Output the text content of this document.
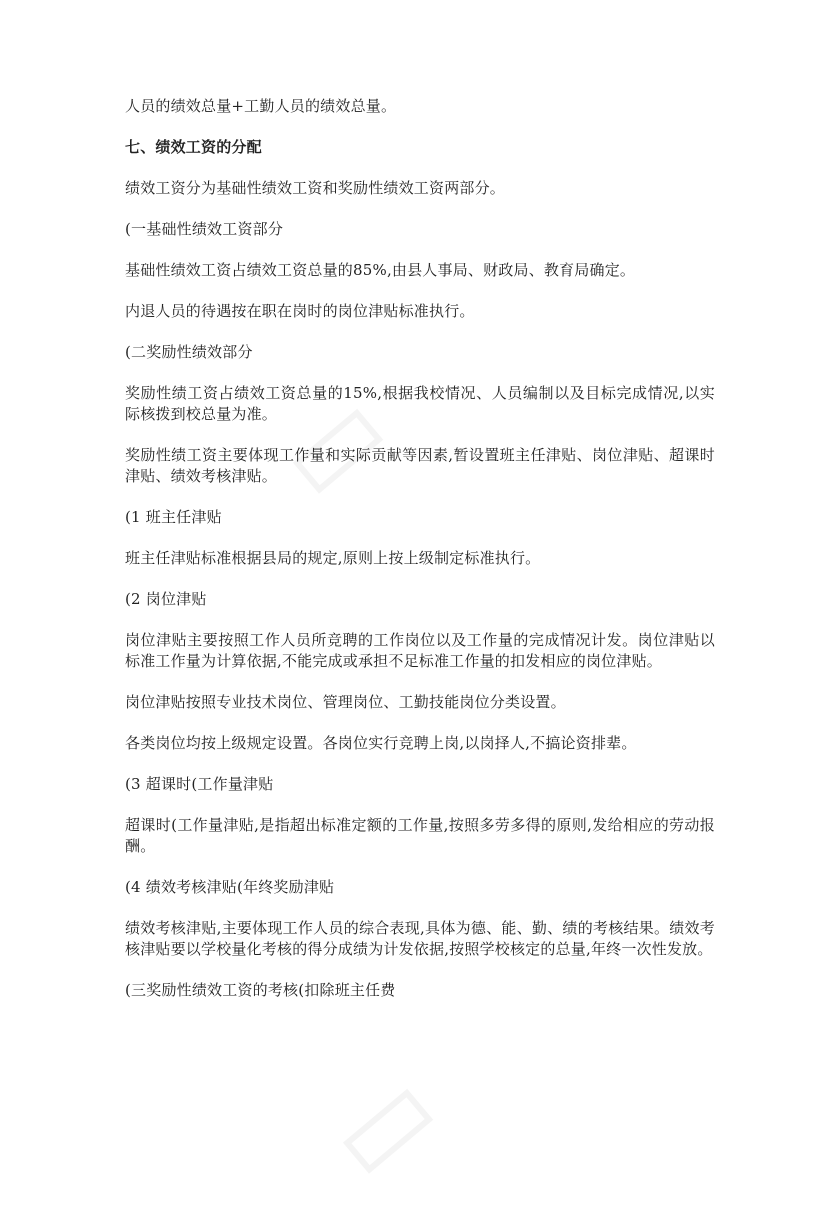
人员的绩效总量+工勤人员的绩效总量。

七、绩效工资的分配

绩效工资分为基础性绩效工资和奖励性绩效工资两部分。

(一基础性绩效工资部分

基础性绩效工资占绩效工资总量的85%,由县人事局、财政局、教育局确定。

内退人员的待遇按在职在岗时的岗位津贴标准执行。

(二奖励性绩效部分

奖励性绩工资占绩效工资总量的15%,根据我校情况、人员编制以及目标完成情况,以实际核拨到校总量为准。

奖励性绩工资主要体现工作量和实际贡献等因素,暂设置班主任津贴、岗位津贴、超课时津贴、绩效考核津贴。

(1 班主任津贴

班主任津贴标准根据县局的规定,原则上按上级制定标准执行。

(2 岗位津贴

岗位津贴主要按照工作人员所竞聘的工作岗位以及工作量的完成情况计发。岗位津贴以标准工作量为计算依据,不能完成或承担不足标准工作量的扣发相应的岗位津贴。

岗位津贴按照专业技术岗位、管理岗位、工勤技能岗位分类设置。

各类岗位均按上级规定设置。各岗位实行竞聘上岗,以岗择人,不搞论资排辈。

(3 超课时(工作量津贴

超课时(工作量津贴,是指超出标准定额的工作量,按照多劳多得的原则,发给相应的劳动报酬。

(4 绩效考核津贴(年终奖励津贴

绩效考核津贴,主要体现工作人员的综合表现,具体为德、能、勤、绩的考核结果。绩效考核津贴要以学校量化考核的得分成绩为计发依据,按照学校核定的总量,年终一次性发放。

(三奖励性绩效工资的考核(扣除班主任费
